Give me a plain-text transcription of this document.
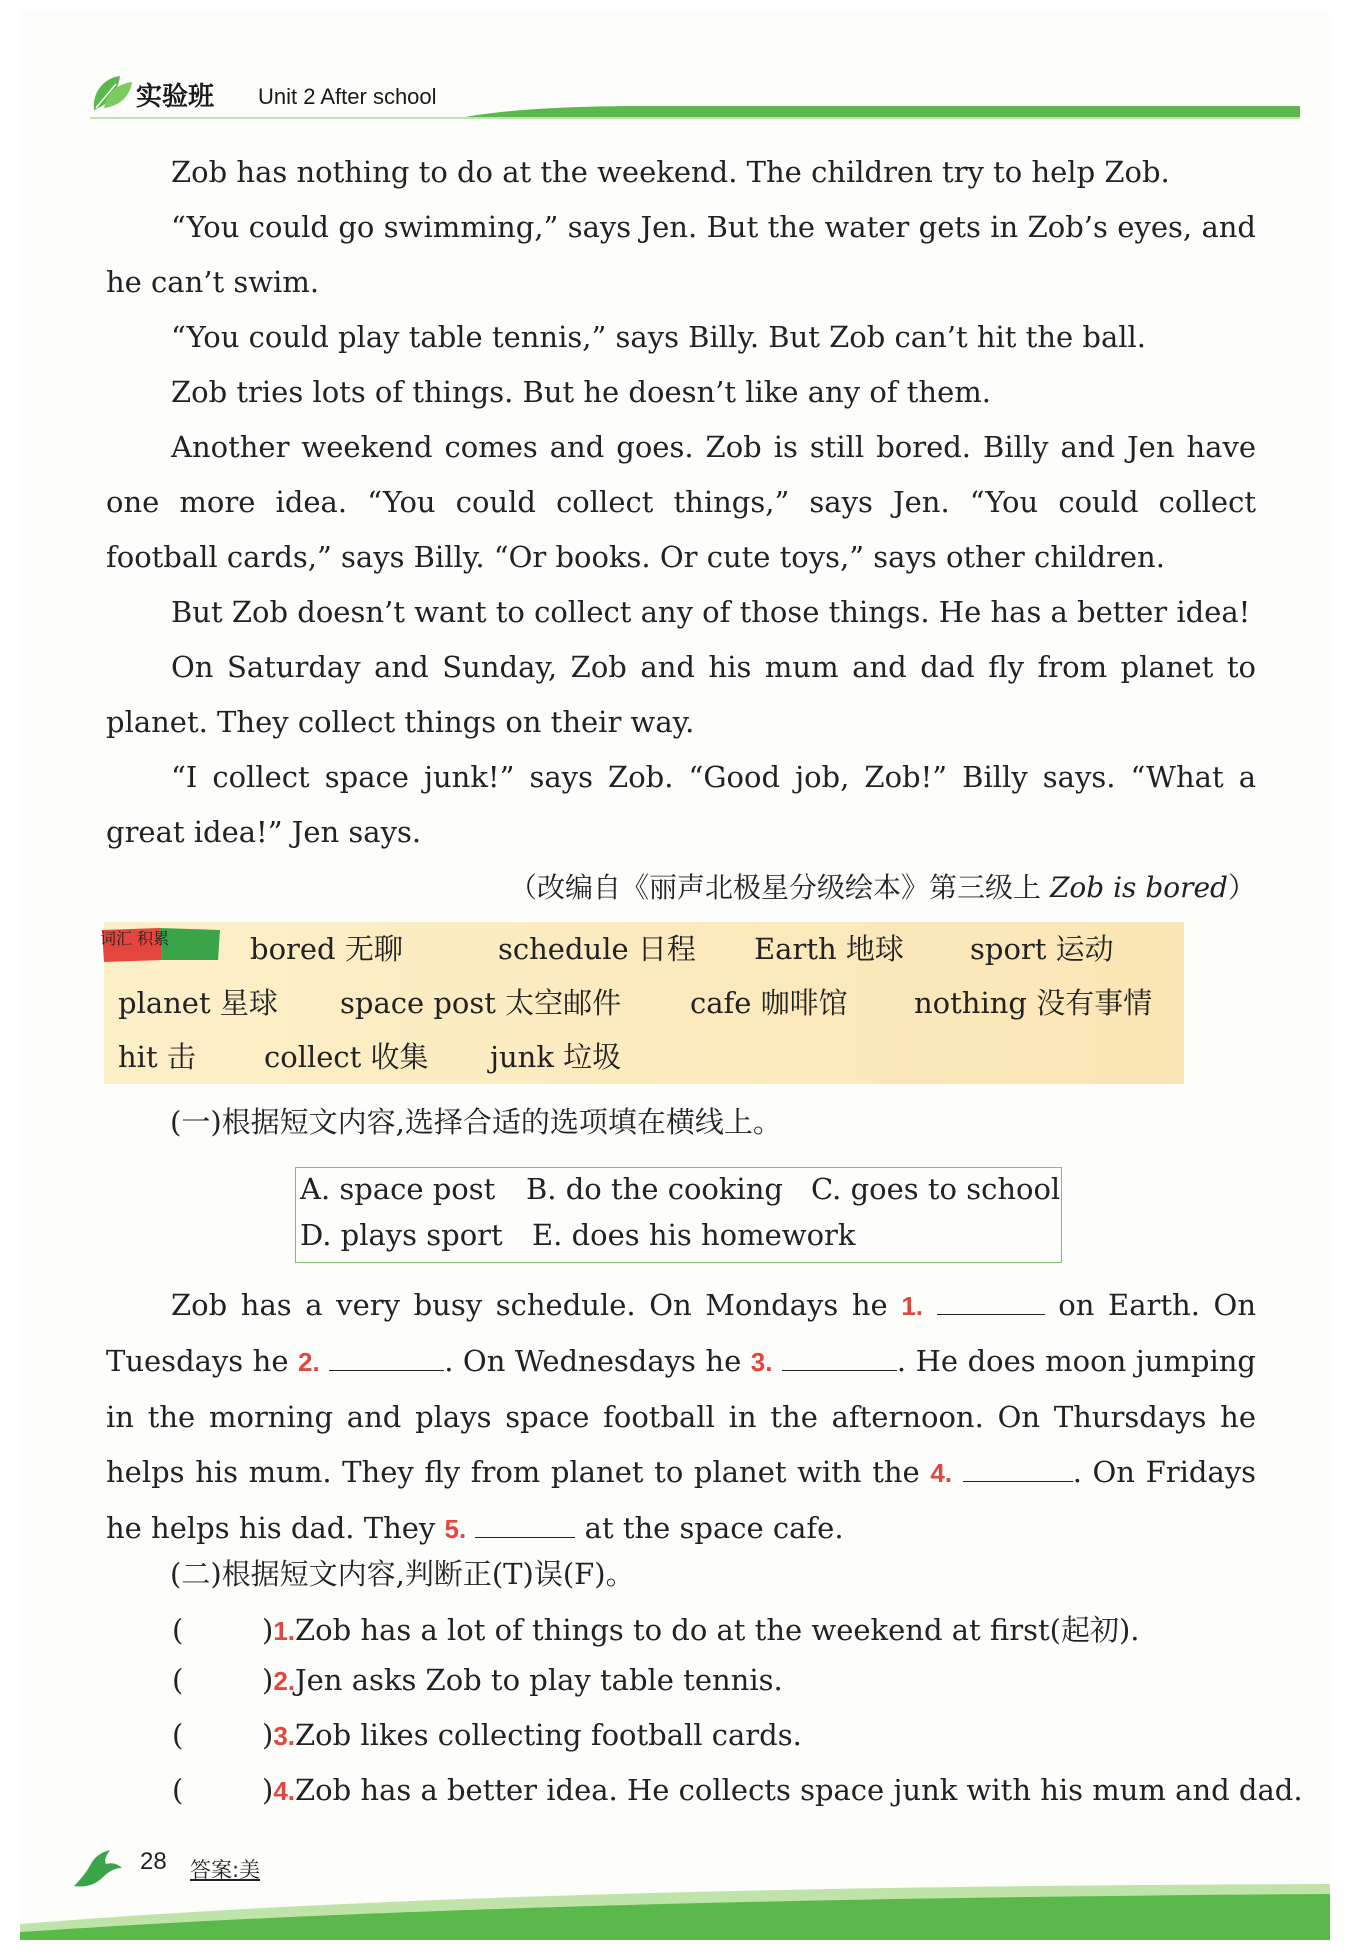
实验班 Unit 2 After school

Zob has nothing to do at the weekend. The children try to help Zob.

“You could go swimming,” says Jen. But the water gets in Zob’s eyes, and he can’t swim.

“You could play table tennis,” says Billy. But Zob can’t hit the ball.

Zob tries lots of things. But he doesn’t like any of them.

Another weekend comes and goes. Zob is still bored. Billy and Jen have one more idea. “You could collect things,” says Jen. “You could collect football cards,” says Billy. “Or books. Or cute toys,” says other children.

But Zob doesn’t want to collect any of those things. He has a better idea!

On Saturday and Sunday, Zob and his mum and dad fly from planet to planet. They collect things on their way.

“I collect space junk!” says Zob. “Good job, Zob!” Billy says. “What a great idea!” Jen says.

（改编自《丽声北极星分级绘本》第三级上 Zob is bored）

词汇 积累	bored 无聊	schedule 日程 Earth 地球 sport 运动
planet 星球 space post 太空邮件 cafe 咖啡馆 nothing 没有事情
hit 击 collect 收集 junk 垃圾
(一)根据短文内容,选择合适的选项填在横线上。
A. space post B. do the cooking C. goes to school
D. plays sport E. does his homework

Zob has a very busy schedule. On Mondays he 1.	on Earth. On Tuesdays he 2.	. On Wednesdays he 3.	. He does moon jumping in the morning and plays space football in the afternoon. On Thursdays he helps his mum. They fly from planet to planet with the 4.	. On Fridays he helps his dad. They 5.	at the space cafe.

(二)根据短文内容,判断正(T)误(F)。
(	)1.Zob has a lot of things to do at the weekend at first(起初).
(	)2.Jen asks Zob to play table tennis.
(	)3.Zob likes collecting football cards.
(	)4.Zob has a better idea. He collects space junk with his mum and dad.
28 答案:美
